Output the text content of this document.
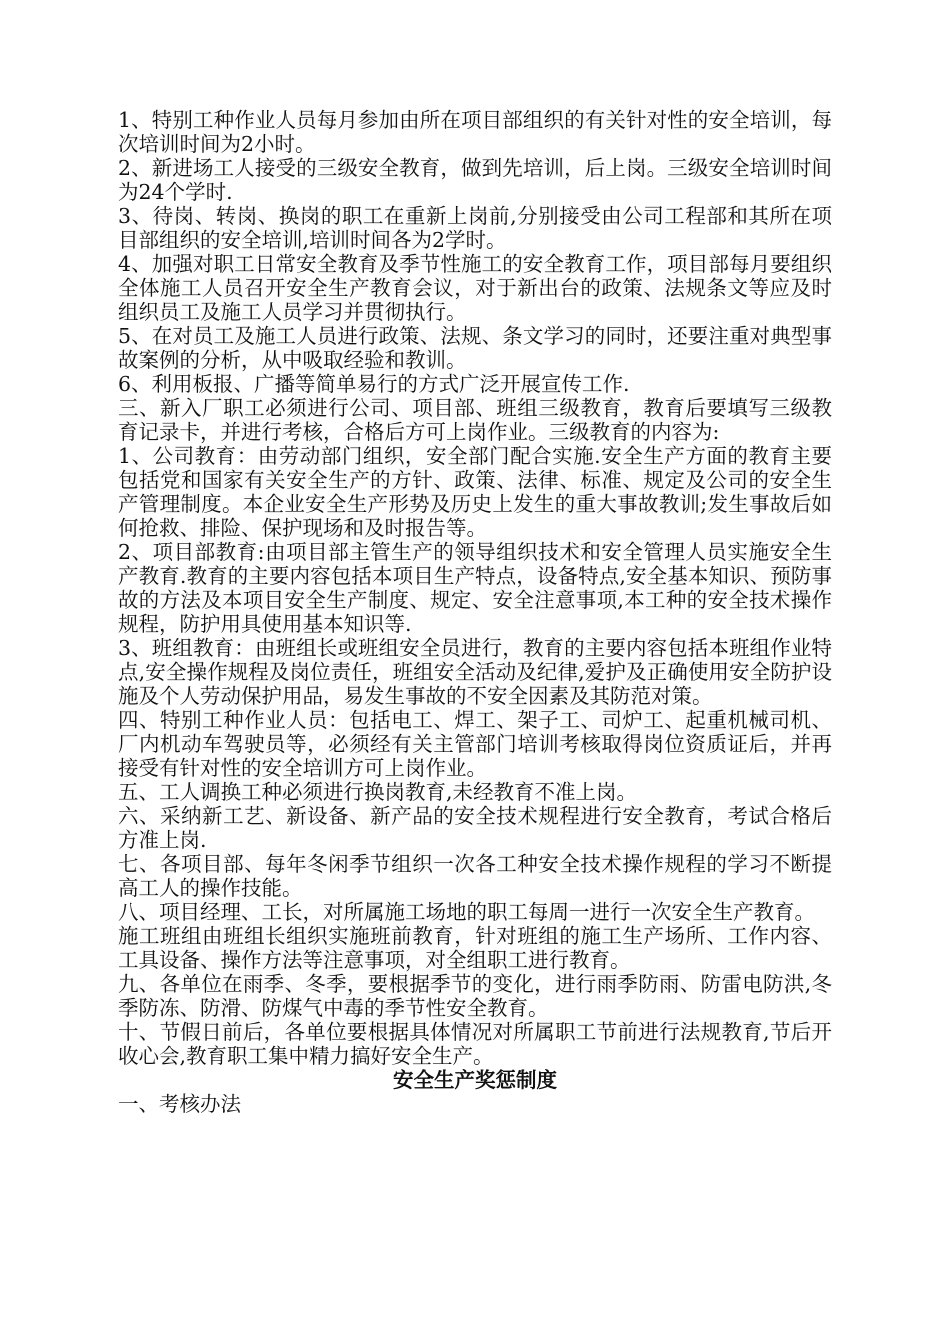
1、特别工种作业人员每月参加由所在项目部组织的有关针对性的安全培训，每次培训时间为2小时。

2、新进场工人接受的三级安全教育，做到先培训，后上岗。三级安全培训时间为24个学时.

3、待岗、转岗、换岗的职工在重新上岗前,分别接受由公司工程部和其所在项目部组织的安全培训,培训时间各为2学时。

4、加强对职工日常安全教育及季节性施工的安全教育工作，项目部每月要组织全体施工人员召开安全生产教育会议，对于新出台的政策、法规条文等应及时组织员工及施工人员学习并贯彻执行。

5、在对员工及施工人员进行政策、法规、条文学习的同时，还要注重对典型事故案例的分析，从中吸取经验和教训。

6、利用板报、广播等简单易行的方式广泛开展宣传工作.

三、新入厂职工必须进行公司、项目部、班组三级教育，教育后要填写三级教育记录卡，并进行考核，合格后方可上岗作业。三级教育的内容为:

1、公司教育：由劳动部门组织，安全部门配合实施.安全生产方面的教育主要包括党和国家有关安全生产的方针、政策、法律、标准、规定及公司的安全生产管理制度。本企业安全生产形势及历史上发生的重大事故教训;发生事故后如何抢救、排险、保护现场和及时报告等。

2、项目部教育:由项目部主管生产的领导组织技术和安全管理人员实施安全生产教育.教育的主要内容包括本项目生产特点，设备特点,安全基本知识、预防事故的方法及本项目安全生产制度、规定、安全注意事项,本工种的安全技术操作规程，防护用具使用基本知识等.

3、班组教育：由班组长或班组安全员进行，教育的主要内容包括本班组作业特点,安全操作规程及岗位责任，班组安全活动及纪律,爱护及正确使用安全防护设施及个人劳动保护用品，易发生事故的不安全因素及其防范对策。

四、特别工种作业人员：包括电工、焊工、架子工、司炉工、起重机械司机、厂内机动车驾驶员等，必须经有关主管部门培训考核取得岗位资质证后，并再接受有针对性的安全培训方可上岗作业。

五、工人调换工种必须进行换岗教育,未经教育不准上岗。

六、采纳新工艺、新设备、新产品的安全技术规程进行安全教育，考试合格后方准上岗.

七、各项目部、每年冬闲季节组织一次各工种安全技术操作规程的学习不断提高工人的操作技能。

八、项目经理、工长，对所属施工场地的职工每周一进行一次安全生产教育。

施工班组由班组长组织实施班前教育，针对班组的施工生产场所、工作内容、工具设备、操作方法等注意事项，对全组职工进行教育。

九、各单位在雨季、冬季，要根据季节的变化，进行雨季防雨、防雷电防洪,冬季防冻、防滑、防煤气中毒的季节性安全教育。

十、节假日前后，各单位要根据具体情况对所属职工节前进行法规教育,节后开收心会,教育职工集中精力搞好安全生产。

安全生产奖惩制度

一、考核办法
